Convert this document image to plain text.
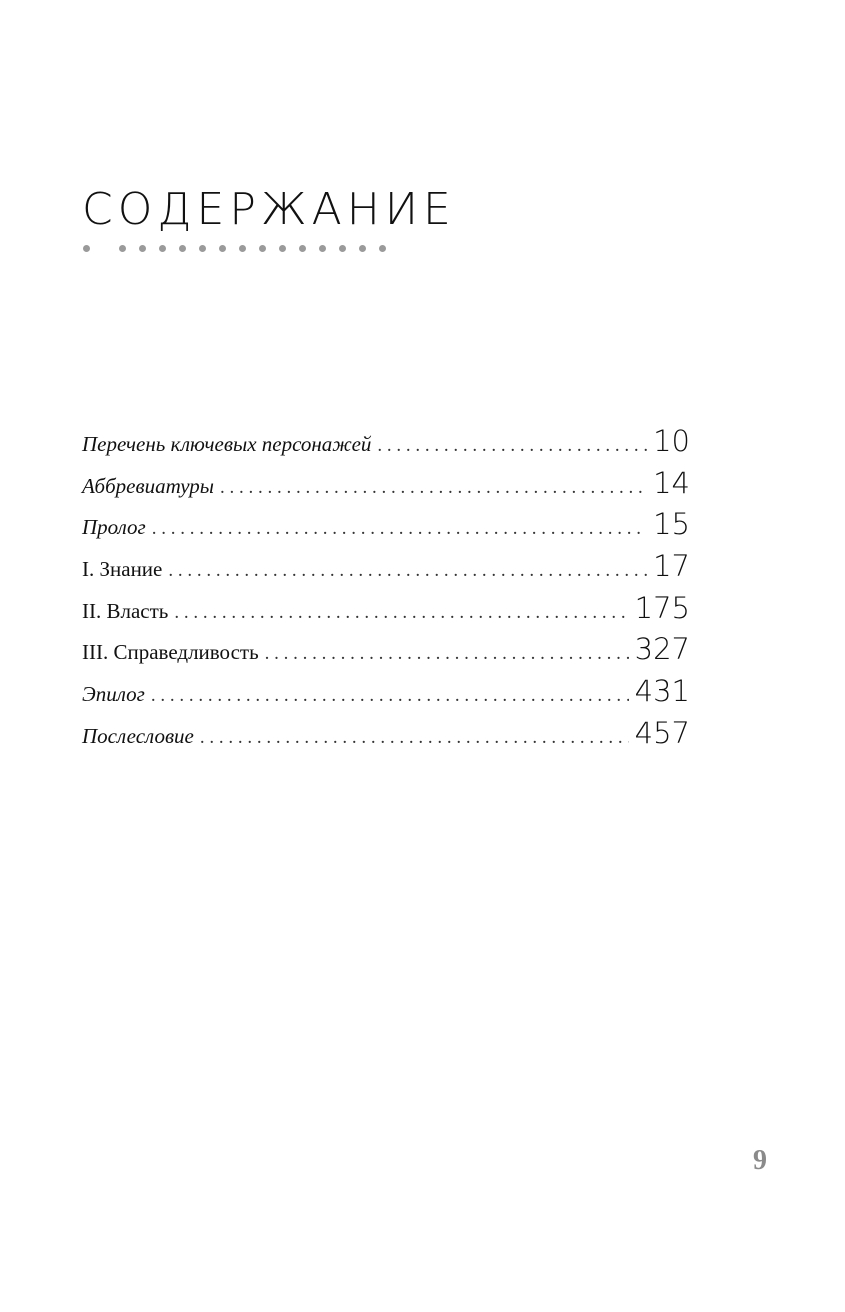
СОДЕРЖАНИЕ
Перечень ключевых персонажей . . .	10
Аббревиатуры . . .	14
Пролог . . .	15
I. Знание . . .	17
II. Власть . . .	175
III. Справедливость . . .	327
Эпилог . . .	431
Послесловие . . .	457
9
